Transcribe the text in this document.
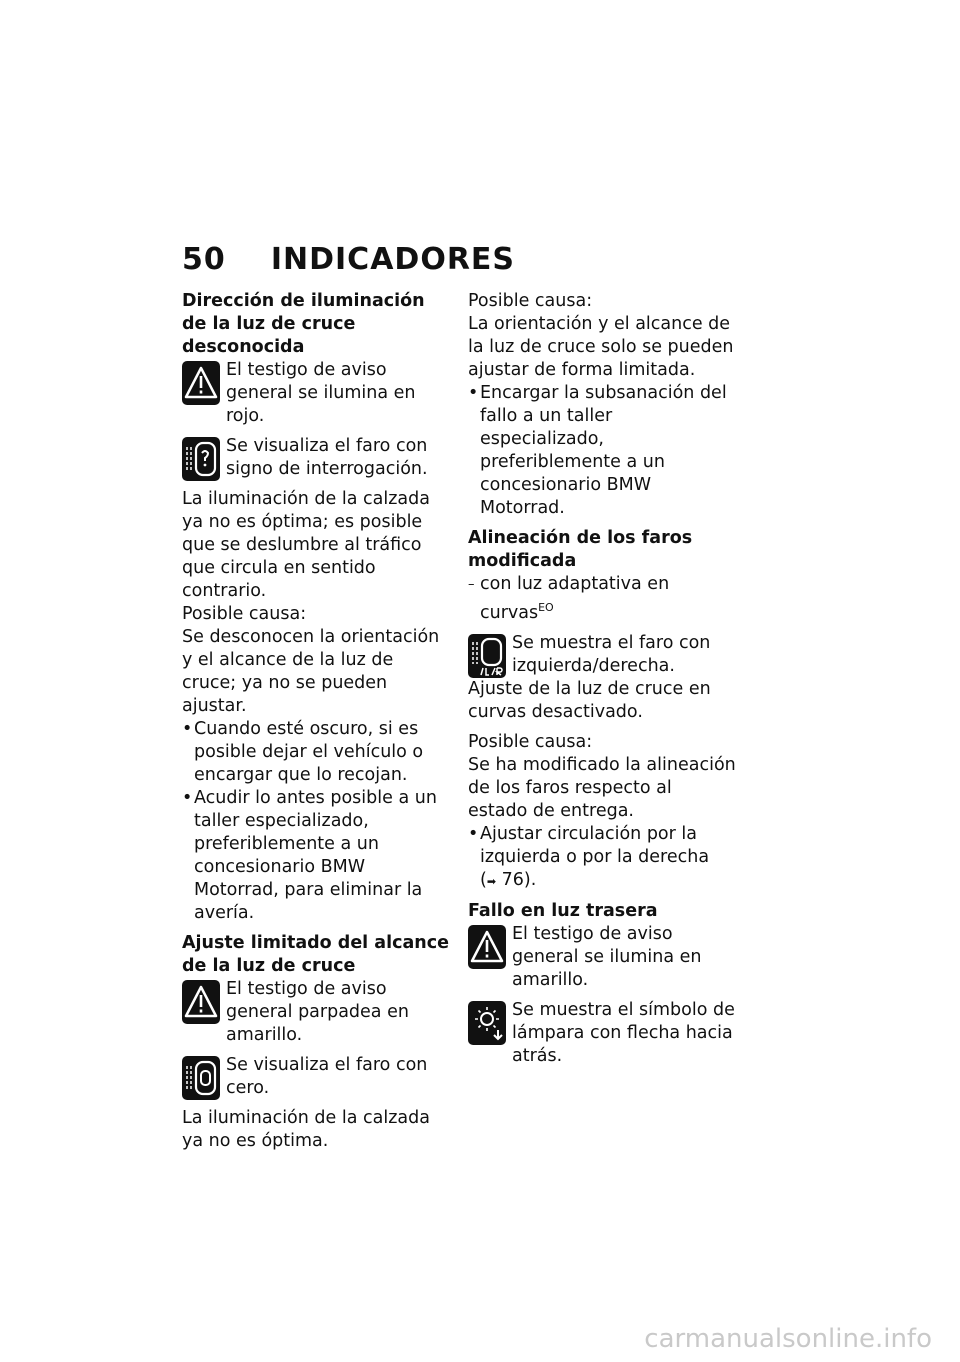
50 INDICADORES

Dirección de iluminación de la luz de cruce desconocida

El testigo de aviso general se ilumina en rojo.

Se visualiza el faro con signo de interrogación.

La iluminación de la calzada ya no es óptima; es posible que se deslumbre al tráfico que circula en sentido contrario.

Posible causa:

Se desconocen la orientación y el alcance de la luz de cruce; ya no se pueden ajustar.

• Cuando esté oscuro, si es posible dejar el vehículo o encargar que lo recojan.
• Acudir lo antes posible a un taller especializado, preferiblemente a un concesionario BMW Motorrad, para eliminar la avería.

Ajuste limitado del alcance de la luz de cruce

El testigo de aviso general parpadea en amarillo.

Se visualiza el faro con cero.

La iluminación de la calzada ya no es óptima.

Posible causa:

La orientación y el alcance de la luz de cruce solo se pueden ajustar de forma limitada.

• Encargar la subsanación del fallo a un taller especializado, preferiblemente a un concesionario BMW Motorrad.

Alineación de los faros modificada

– con luz adaptativa en curvas$^{EO}$

Se muestra el faro con izquierda/derecha.

Ajuste de la luz de cruce en curvas desactivado.

Posible causa:

Se ha modificado la alineación de los faros respecto al estado de entrega.

• Ajustar circulación por la izquierda o por la derecha
(➡ 76).

Fallo en luz trasera

El testigo de aviso general se ilumina en amarillo.

Se muestra el símbolo de lámpara con flecha hacia atrás.

carmanualsonline.info
